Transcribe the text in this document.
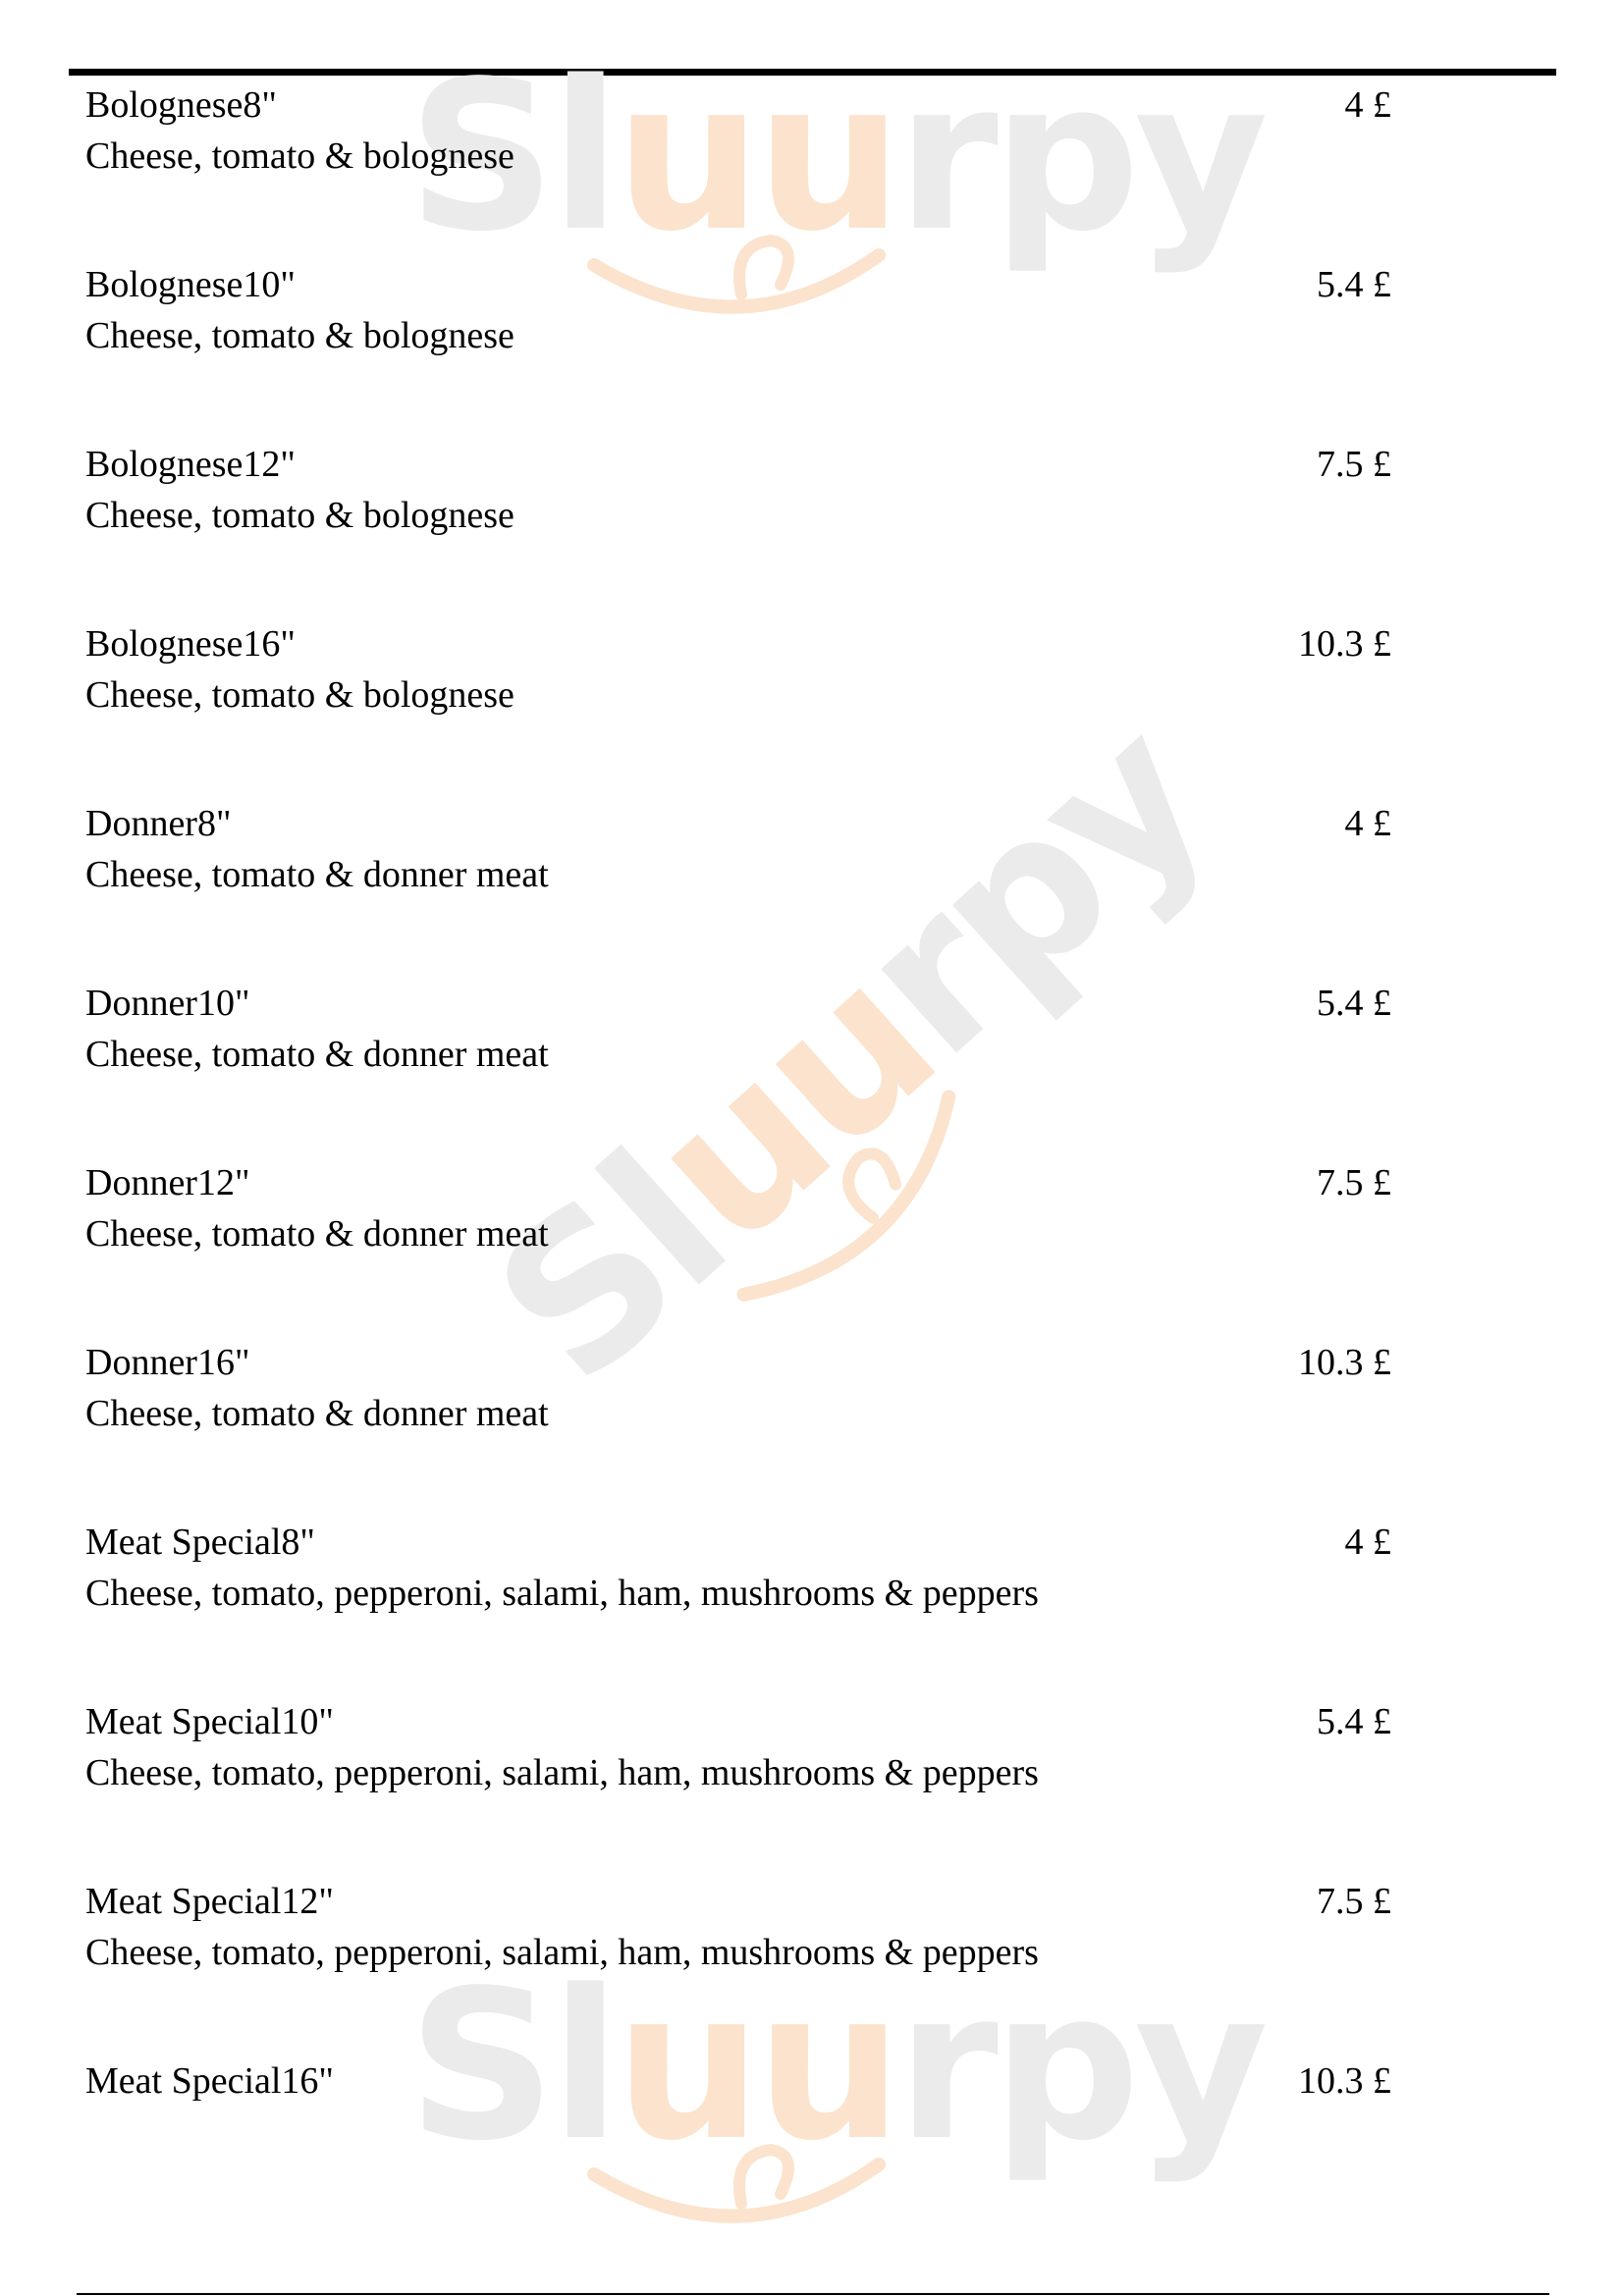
Sluurpy
Sluurpy
Sluurpy
Bolognese8"
Cheese, tomato & bolognese
4 £
Bolognese10"
Cheese, tomato & bolognese
5.4 £
Bolognese12"
Cheese, tomato & bolognese
7.5 £
Bolognese16"
Cheese, tomato & bolognese
10.3 £
Donner8"
Cheese, tomato & donner meat
4 £
Donner10"
Cheese, tomato & donner meat
5.4 £
Donner12"
Cheese, tomato & donner meat
7.5 £
Donner16"
Cheese, tomato & donner meat
10.3 £
Meat Special8"
Cheese, tomato, pepperoni, salami, ham, mushrooms & peppers
4 £
Meat Special10"
Cheese, tomato, pepperoni, salami, ham, mushrooms & peppers
5.4 £
Meat Special12"
Cheese, tomato, pepperoni, salami, ham, mushrooms & peppers
7.5 £
Meat Special16"	10.3 £
